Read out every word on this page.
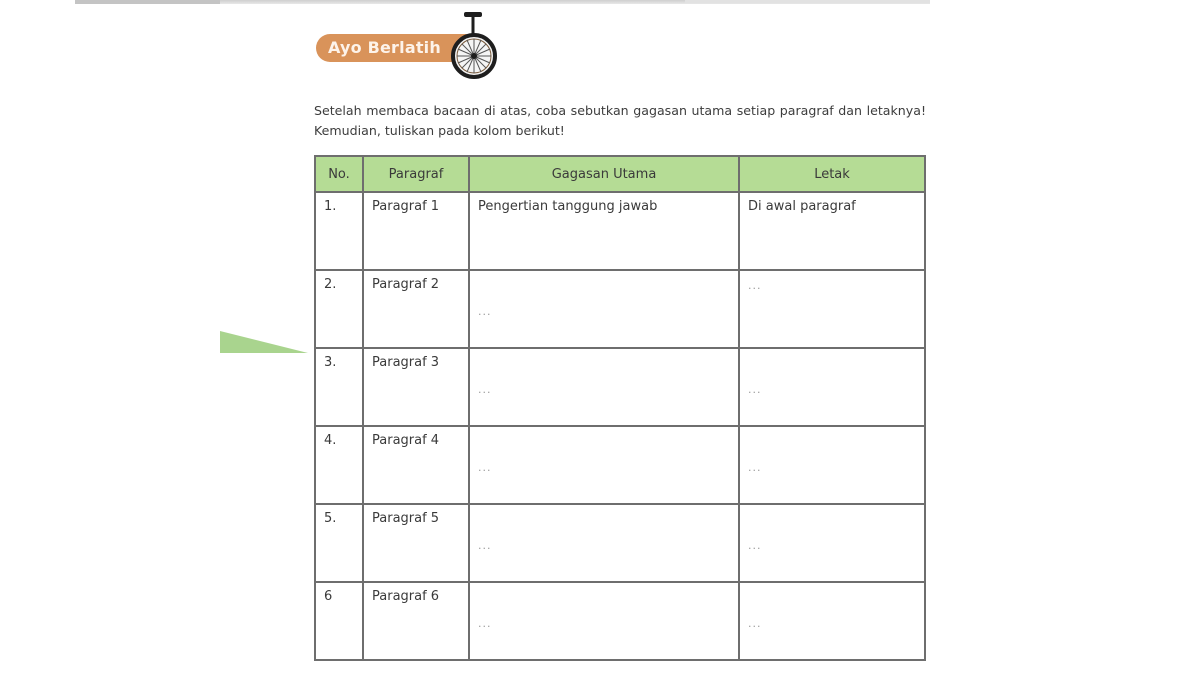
Ayo Berlatih
Setelah membaca bacaan di atas, coba sebutkan gagasan utama setiap paragraf dan letaknya! Kemudian, tuliskan pada kolom berikut!
No.	Paragraf	Gagasan Utama	Letak

1.	Paragraf 1	Pengertian tanggung jawab	Di awal paragraf

2.	Paragraf 2	...	...

3.	Paragraf 3	...	...

4.	Paragraf 4	...	...

5.	Paragraf 5	...	...

6	Paragraf 6	...	...
